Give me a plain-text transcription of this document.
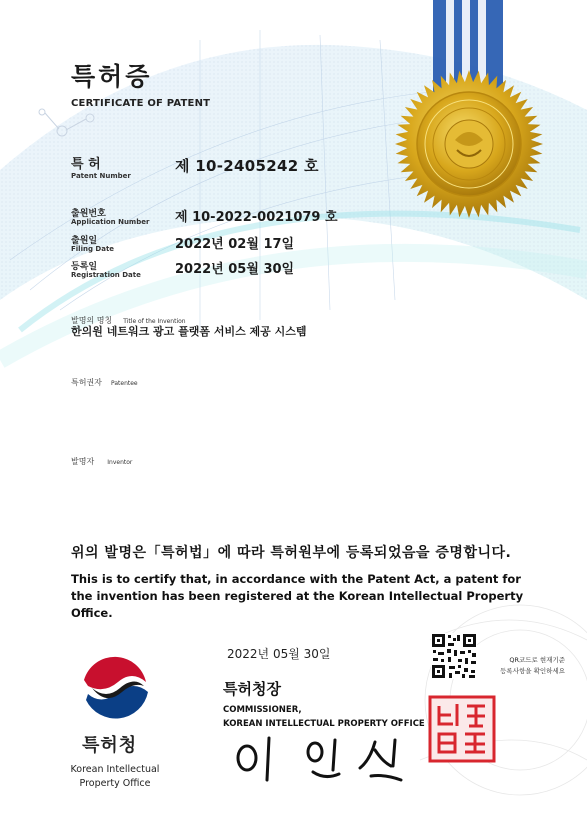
특허증
CERTIFICATE OF PATENT
특 허
Patent Number
제 10-2405242 호
출원번호
Application Number 제 10-2022-0021079 호
출원일
Filing Date	2022년 02월 17일
등록일
Registration Date	2022년 05월 30일
발명의 명칭 Title of the Invention
한의원 네트워크 광고 플랫폼 서비스 제공 시스템
특허권자 Patentee
발명자 Inventor
위의 발명은「특허법」에 따라 특허원부에 등록되었음을 증명합니다.
This is to certify that, in accordance with the Patent Act, a patent for the invention has been registered at the Korean Intellectual Property Office.
2022년 05월 30일
특허청장
COMMISSIONER,
KOREAN INTELLECTUAL PROPERTY OFFICE
QR코드로 현재기준
등록사항을 확인하세요
특허청
Korean Intellectual
Property Office
